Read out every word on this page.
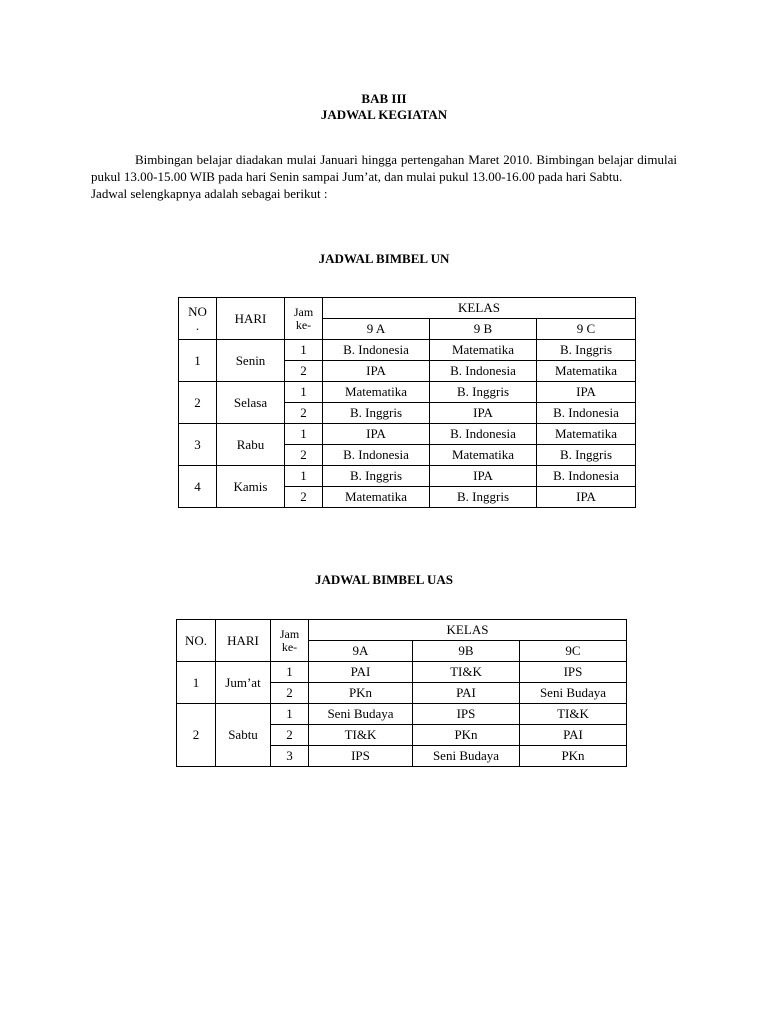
BAB III

JADWAL KEGIATAN

Bimbingan belajar diadakan mulai Januari hingga pertengahan Maret 2010. Bimbingan belajar dimulai pukul 13.00-15.00 WIB pada hari Senin sampai Jum’at, dan mulai pukul 13.00-16.00 pada hari Sabtu.

Jadwal selengkapnya adalah sebagai berikut :

JADWAL BIMBEL UN

NO
.	HARI	Jam
ke-	KELAS		
			9 A	9 B	9 C
1	Senin	1	B. Indonesia	Matematika	B. Inggris
		2	IPA	B. Indonesia	Matematika
2	Selasa	1	Matematika	B. Inggris	IPA
		2	B. Inggris	IPA	B. Indonesia
3	Rabu	1	IPA	B. Indonesia	Matematika
		2	B. Indonesia	Matematika	B. Inggris
4	Kamis	1	B. Inggris	IPA	B. Indonesia
		2	Matematika	B. Inggris	IPA

JADWAL BIMBEL UAS

NO.	HARI	Jam
ke-	KELAS		
			9A	9B	9C
1	Jum’at	1	PAI	TI&K	IPS
		2	PKn	PAI	Seni Budaya
2	Sabtu	1	Seni Budaya	IPS	TI&K
		2	TI&K	PKn	PAI
		3	IPS	Seni Budaya	PKn
